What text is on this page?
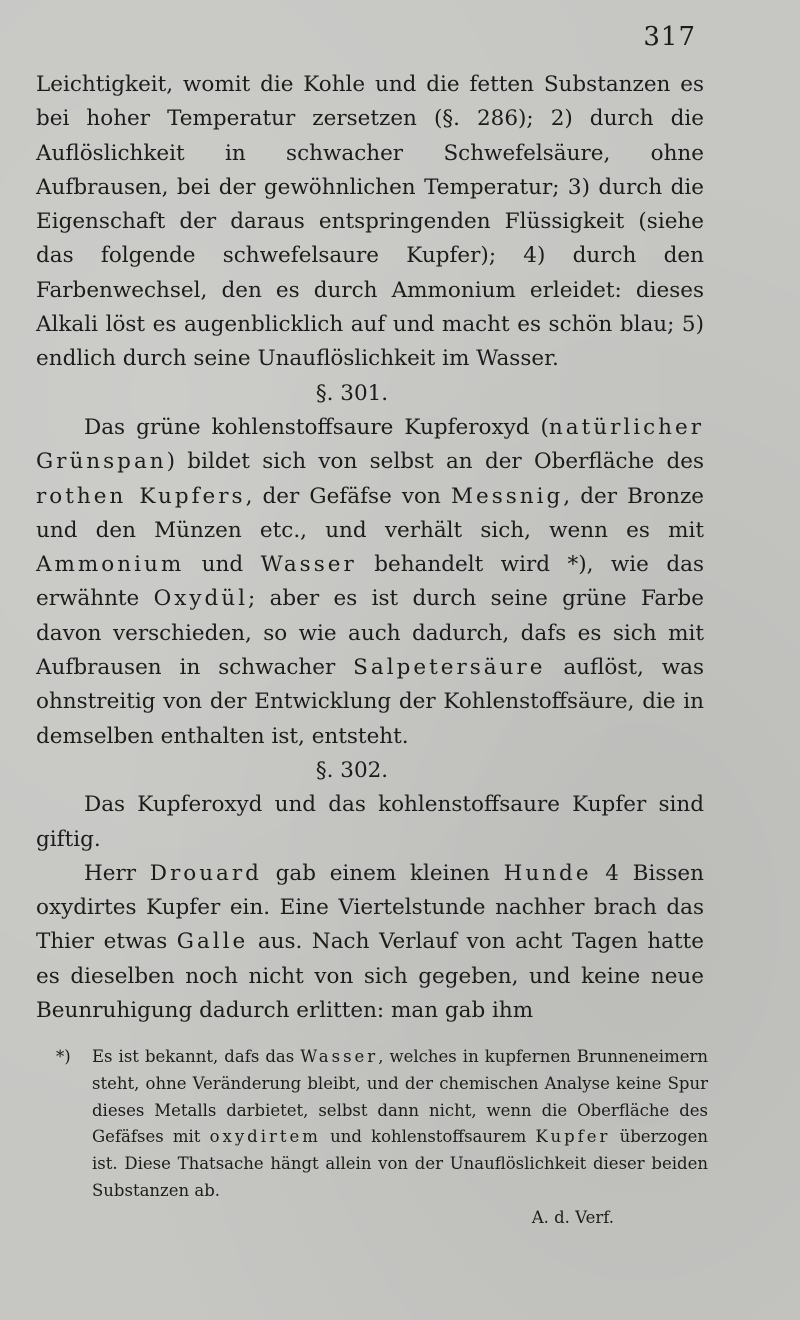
317

Leichtigkeit, womit die Kohle und die fetten Substanzen es bei hoher Temperatur zersetzen (§. 286); 2) durch die Auflöslichkeit in schwacher Schwefelsäure, ohne Aufbrausen, bei der gewöhnlichen Temperatur; 3) durch die Eigenschaft der daraus entspringenden Flüssigkeit (siehe das folgende schwefelsaure Kupfer); 4) durch den Farbenwechsel, den es durch Ammonium erleidet: dieses Alkali löst es augenblicklich auf und macht es schön blau; 5) endlich durch seine Unauflöslichkeit im Wasser.

§. 301.

Das grüne kohlenstoffsaure Kupferoxyd (natürlicher Grünspan) bildet sich von selbst an der Oberfläche des rothen Kupfers, der Gefäfse von Messnig, der Bronze und den Münzen etc., und verhält sich, wenn es mit Ammonium und Wasser behandelt wird *), wie das erwähnte Oxydül; aber es ist durch seine grüne Farbe davon verschieden, so wie auch dadurch, dafs es sich mit Aufbrausen in schwacher Salpetersäure auflöst, was ohnstreitig von der Entwicklung der Kohlenstoffsäure, die in demselben enthalten ist, entsteht.

§. 302.

Das Kupferoxyd und das kohlenstoffsaure Kupfer sind giftig.

Herr Drouard gab einem kleinen Hunde 4 Bissen oxydirtes Kupfer ein. Eine Viertelstunde nachher brach das Thier etwas Galle aus. Nach Verlauf von acht Tagen hatte es dieselben noch nicht von sich gegeben, und keine neue Beunruhigung dadurch erlitten: man gab ihm

*) Es ist bekannt, dafs das Wasser, welches in kupfernen Brunneneimern steht, ohne Veränderung bleibt, und der chemischen Analyse keine Spur dieses Metalls darbietet, selbst dann nicht, wenn die Oberfläche des Gefäfses mit oxydirtem und kohlenstoffsaurem Kupfer überzogen ist. Diese Thatsache hängt allein von der Unauflöslichkeit dieser beiden Substanzen ab.
A. d. Verf.
